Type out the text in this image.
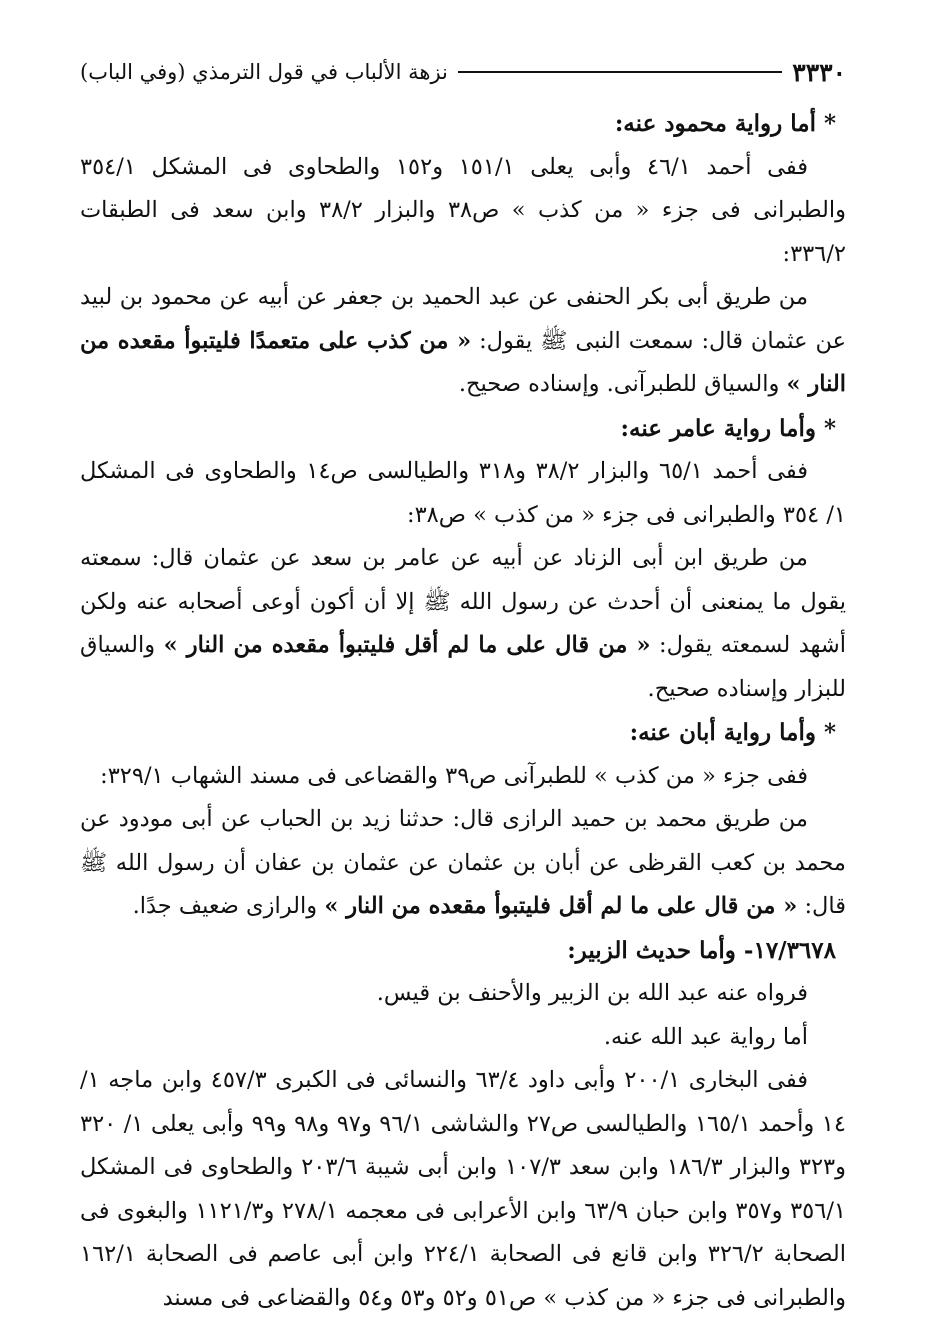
٣٣٣٠
نزهة الألباب في قول الترمذي (وفي الباب)

* أما رواية محمود عنه:

ففى أحمد ٤٦/١ وأبى يعلى ١٥١/١ و١٥٢ والطحاوى فى المشكل ٣٥٤/١ والطبرانى فى جزء « من كذب » ص٣٨ والبزار ٣٨/٢ وابن سعد فى الطبقات ٣٣٦/٢:

من طريق أبى بكر الحنفى عن عبد الحميد بن جعفر عن أبيه عن محمود بن لبيد عن عثمان قال: سمعت النبى ﷺ يقول: « من كذب على متعمدًا فليتبوأ مقعده من النار » والسياق للطبرآنى. وإسناده صحيح.

* وأما رواية عامر عنه:

ففى أحمد ٦٥/١ والبزار ٣٨/٢ و٣١٨ والطيالسى ص١٤ والطحاوى فى المشكل ١/ ٣٥٤ والطبرانى فى جزء « من كذب » ص٣٨:

من طريق ابن أبى الزناد عن أبيه عن عامر بن سعد عن عثمان قال: سمعته يقول ما يمنعنى أن أحدث عن رسول الله ﷺ إلا أن أكون أوعى أصحابه عنه ولكن أشهد لسمعته يقول: « من قال على ما لم أقل فليتبوأ مقعده من النار » والسياق للبزار وإسناده صحيح.

* وأما رواية أبان عنه:

ففى جزء « من كذب » للطبرآنى ص٣٩ والقضاعى فى مسند الشهاب ٣٢٩/١:

من طريق محمد بن حميد الرازى قال: حدثنا زيد بن الحباب عن أبى مودود عن محمد بن كعب القرظى عن أبان بن عثمان عن عثمان بن عفان أن رسول الله ﷺ قال: « من قال على ما لم أقل فليتبوأ مقعده من النار » والرازى ضعيف جدًا.

١٧/٣٦٧٨- وأما حديث الزبير:

فرواه عنه عبد الله بن الزبير والأحنف بن قيس.

أما رواية عبد الله عنه.

ففى البخارى ٢٠٠/١ وأبى داود ٦٣/٤ والنسائى فى الكبرى ٤٥٧/٣ وابن ماجه ١/ ١٤ وأحمد ١٦٥/١ والطيالسى ص٢٧ والشاشى ٩٦/١ و٩٧ و٩٨ و٩٩ وأبى يعلى ١/ ٣٢٠ و٣٢٣ والبزار ١٨٦/٣ وابن سعد ١٠٧/٣ وابن أبى شيبة ٢٠٣/٦ والطحاوى فى المشكل ٣٥٦/١ و٣٥٧ وابن حبان ٦٣/٩ وابن الأعرابى فى معجمه ٢٧٨/١ و١١٢١/٣ والبغوى فى الصحابة ٣٢٦/٢ وابن قانع فى الصحابة ٢٢٤/١ وابن أبى عاصم فى الصحابة ١٦٢/١ والطبرانى فى جزء « من كذب » ص٥١ و٥٢ و٥٣ و٥٤ والقضاعى فى مسند
